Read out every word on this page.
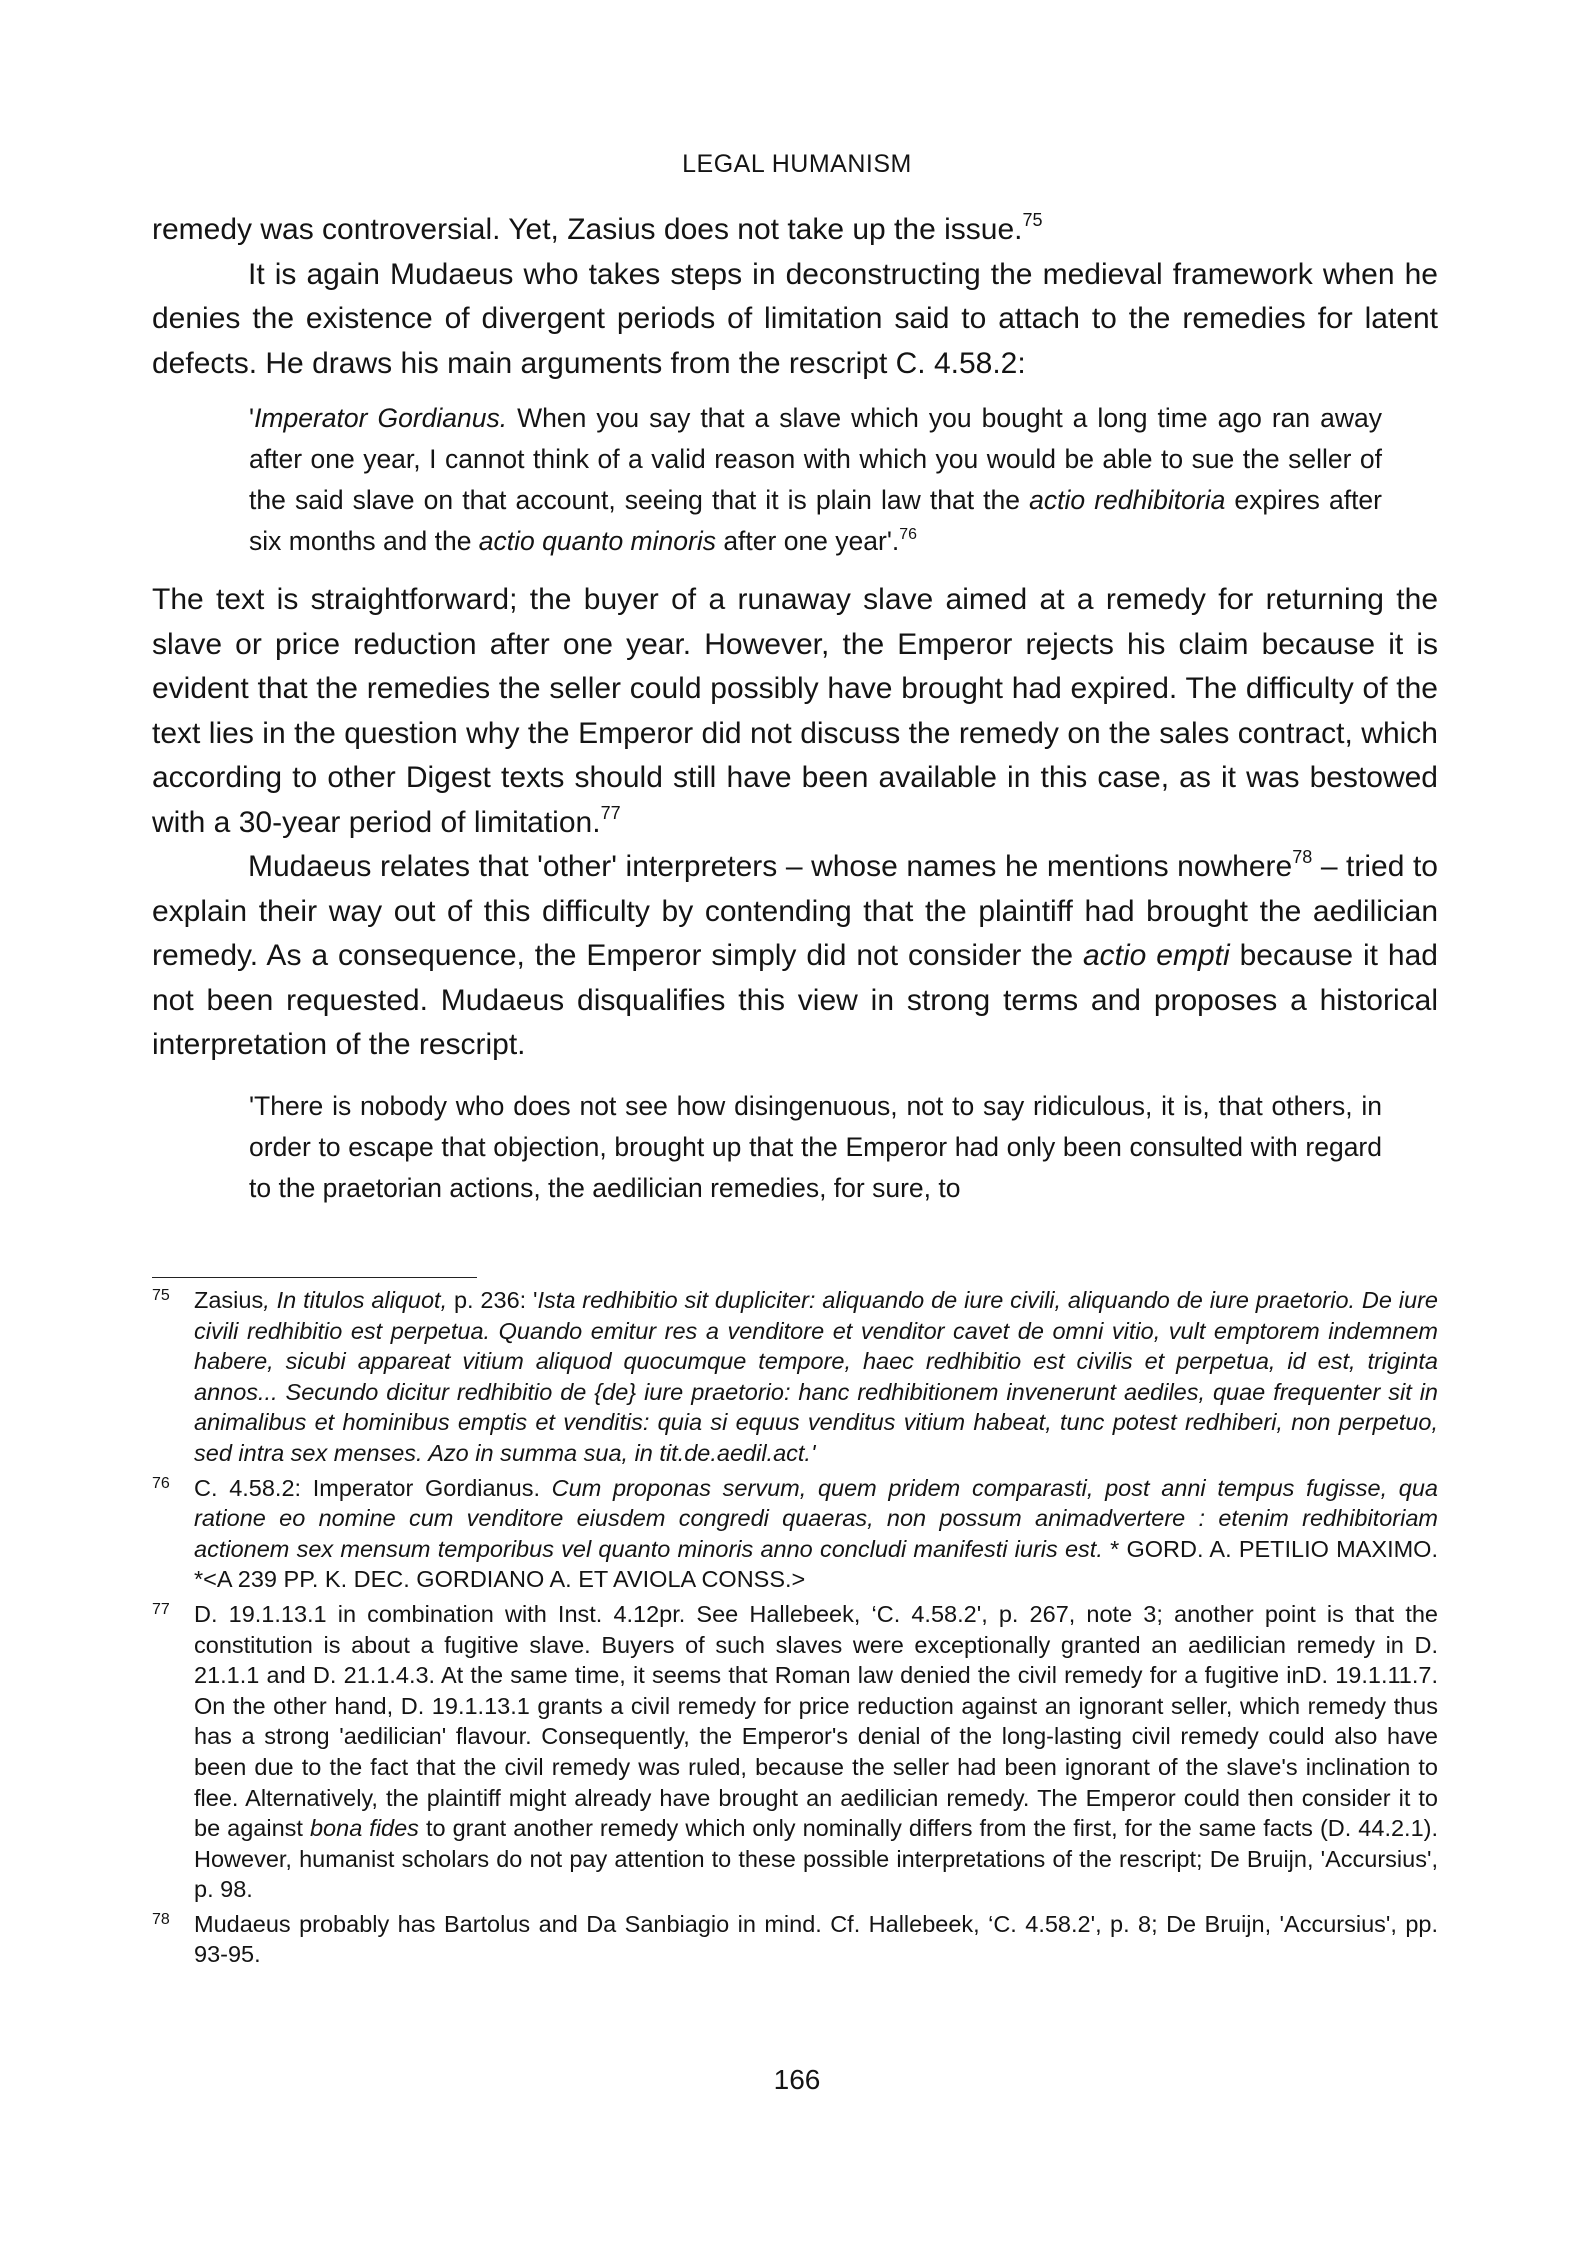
LEGAL HUMANISM

remedy was controversial. Yet, Zasius does not take up the issue.$^{75}$

It is again Mudaeus who takes steps in deconstructing the medieval framework when he denies the existence of divergent periods of limitation said to attach to the remedies for latent defects. He draws his main arguments from the rescript C. 4.58.2:

'Imperator Gordianus. When you say that a slave which you bought a long time ago ran away after one year, I cannot think of a valid reason with which you would be able to sue the seller of the said slave on that account, seeing that it is plain law that the actio redhibitoria expires after six months and the actio quanto minoris after one year'.$^{76}$

The text is straightforward; the buyer of a runaway slave aimed at a remedy for returning the slave or price reduction after one year. However, the Emperor rejects his claim because it is evident that the remedies the seller could possibly have brought had expired. The difficulty of the text lies in the question why the Emperor did not discuss the remedy on the sales contract, which according to other Digest texts should still have been available in this case, as it was bestowed with a 30-year period of limitation.$^{77}$

Mudaeus relates that 'other' interpreters – whose names he mentions nowhere$^{78}$ – tried to explain their way out of this difficulty by contending that the plaintiff had brought the aedilician remedy. As a consequence, the Emperor simply did not consider the actio empti because it had not been requested. Mudaeus disqualifies this view in strong terms and proposes a historical interpretation of the rescript.

'There is nobody who does not see how disingenuous, not to say ridiculous, it is, that others, in order to escape that objection, brought up that the Emperor had only been consulted with regard to the praetorian actions, the aedilician remedies, for sure, to

75	Zasius, In titulos aliquot, p. 236: 'Ista redhibitio sit dupliciter: aliquando de iure civili, aliquando de iure praetorio. De iure civili redhibitio est perpetua. Quando emitur res a venditore et venditor cavet de omni vitio, vult emptorem indemnem habere, sicubi appareat vitium aliquod quocumque tempore, haec redhibitio est civilis et perpetua, id est, triginta annos... Secundo dicitur redhibitio de {de} iure praetorio: hanc redhibitionem invenerunt aediles, quae frequenter sit in animalibus et hominibus emptis et venditis: quia si equus venditus vitium habeat, tunc potest redhiberi, non perpetuo, sed intra sex menses. Azo in summa sua, in tit.de.aedil.act.'
76	C. 4.58.2: Imperator Gordianus. Cum proponas servum, quem pridem comparasti, post anni tempus fugisse, qua ratione eo nomine cum venditore eiusdem congredi quaeras, non possum animadvertere : etenim redhibitoriam actionem sex mensum temporibus vel quanto minoris anno concludi manifesti iuris est. * GORD. A. PETILIO MAXIMO. *<A 239 PP. K. DEC. GORDIANO A. ET AVIOLA CONSS.>
77	D. 19.1.13.1 in combination with Inst. 4.12pr. See Hallebeek, ‘C. 4.58.2', p. 267, note 3; another point is that the constitution is about a fugitive slave. Buyers of such slaves were exceptionally granted an aedilician remedy in D. 21.1.1 and D. 21.1.4.3. At the same time, it seems that Roman law denied the civil remedy for a fugitive inD. 19.1.11.7. On the other hand, D. 19.1.13.1 grants a civil remedy for price reduction against an ignorant seller, which remedy thus has a strong 'aedilician' flavour. Consequently, the Emperor's denial of the long-lasting civil remedy could also have been due to the fact that the civil remedy was ruled, because the seller had been ignorant of the slave's inclination to flee. Alternatively, the plaintiff might already have brought an aedilician remedy. The Emperor could then consider it to be against bona fides to grant another remedy which only nominally differs from the first, for the same facts (D. 44.2.1). However, humanist scholars do not pay attention to these possible interpretations of the rescript; De Bruijn, 'Accursius', p. 98.
78	Mudaeus probably has Bartolus and Da Sanbiagio in mind. Cf. Hallebeek, ‘C. 4.58.2', p. 8; De Bruijn, 'Accursius', pp. 93-95.
166
